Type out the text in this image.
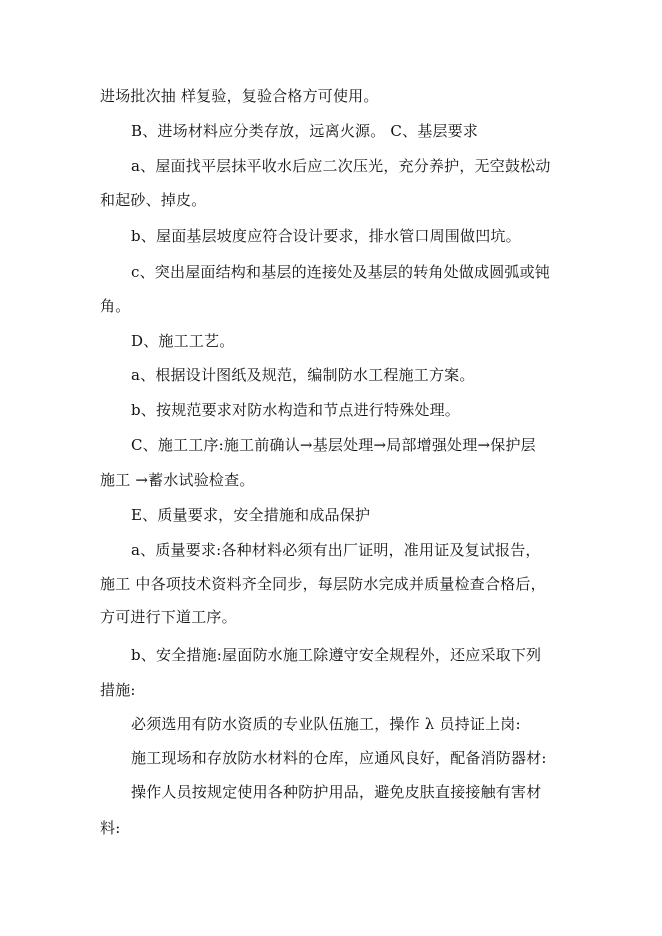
进场批次抽 样复验，复验合格方可使用。
B、进场材料应分类存放，远离火源。 C、基层要求
a、屋面找平层抹平收水后应二次压光，充分养护，无空鼓松动
和起砂、掉皮。
b、屋面基层坡度应符合设计要求，排水管口周围做凹坑。
c、突出屋面结构和基层的连接处及基层的转角处做成圆弧或钝
角。
D、施工工艺。
a、根据设计图纸及规范，编制防水工程施工方案。
b、按规范要求对防水构造和节点进行特殊处理。
C、施工工序:施工前确认→基层处理→局部增强处理→保护层
施工 →蓄水试验检查。
E、质量要求，安全措施和成品保护
a、质量要求:各种材料必须有出厂证明，准用证及复试报告，
施工 中各项技术资料齐全同步，每层防水完成并质量检查合格后，
方可进行下道工序。
b、安全措施:屋面防水施工除遵守安全规程外，还应采取下列
措施:
必须选用有防水资质的专业队伍施工，操作 λ 员持证上岗:
施工现场和存放防水材料的仓库，应通风良好，配备消防器材:
操作人员按规定使用各种防护用品，避免皮肤直接接触有害材
料:
